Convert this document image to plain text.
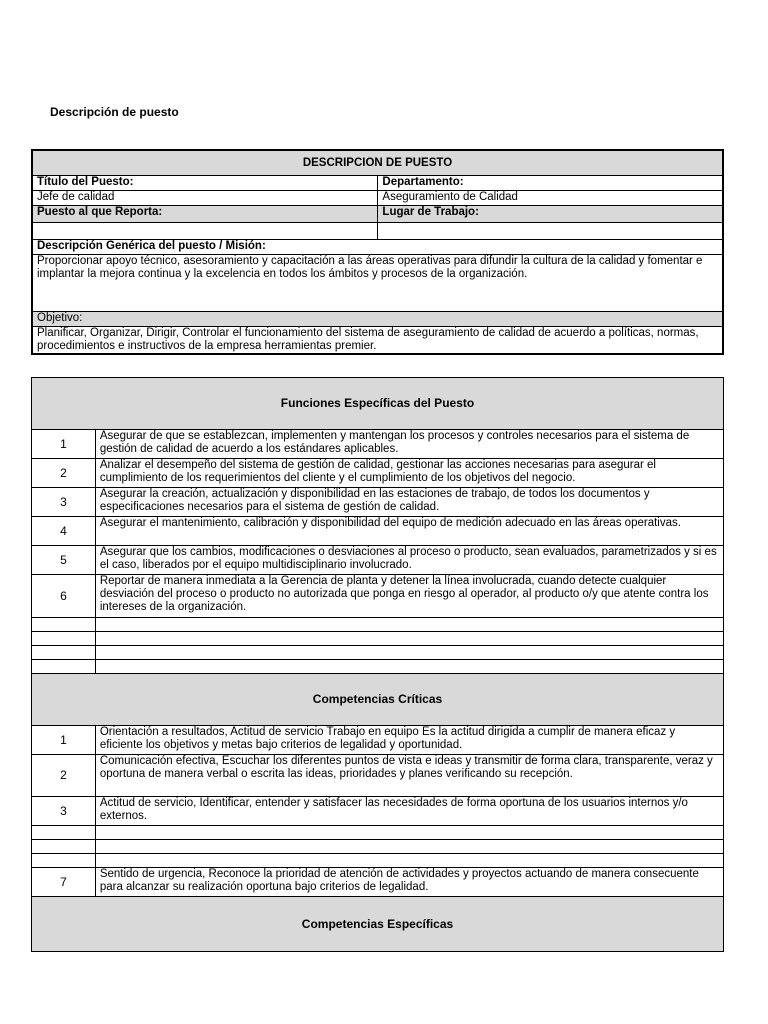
Descripción de puesto
DESCRIPCION DE PUESTO	
Título del Puesto:	Departamento:
Jefe de calidad	Aseguramiento de Calidad
Puesto al que Reporta:	Lugar de Trabajo:

Descripción Genérica del puesto / Misión:	
Proporcionar apoyo técnico, asesoramiento y capacitación a las áreas operativas para difundir la cultura de la calidad y fomentar e implantar la mejora continua y la excelencia en todos los ámbitos y procesos de la organización.	
Objetivo:	
Planificar, Organizar, Dirigir, Controlar el funcionamiento del sistema de aseguramiento de calidad de acuerdo a políticas, normas, procedimientos e instructivos de la empresa herramientas premier.	
Funciones Específicas del Puesto	
1	Asegurar de que se establezcan, implementen y mantengan los procesos y controles necesarios para el sistema de gestión de calidad de acuerdo a los estándares aplicables.
2	Analizar el desempeño del sistema de gestión de calidad, gestionar las acciones necesarias para asegurar el cumplimiento de los requerimientos del cliente y el cumplimiento de los objetivos del negocio.
3	Asegurar la creación, actualización y disponibilidad en las estaciones de trabajo, de todos los documentos y especificaciones necesarios para el sistema de gestión de calidad.
4	Asegurar el mantenimiento, calibración y disponibilidad del equipo de medición adecuado en las áreas operativas.
5	Asegurar que los cambios, modificaciones o desviaciones al proceso o producto, sean evaluados, parametrizados y si es el caso, liberados por el equipo multidisciplinario involucrado.
6	Reportar de manera inmediata a la Gerencia de planta y detener la línea involucrada, cuando detecte cualquier desviación del proceso o producto no autorizada que ponga en riesgo al operador, al producto o/y que atente contra los intereses de la organización.

Competencias Críticas	
1	Orientación a resultados, Actitud de servicio Trabajo en equipo Es la actitud dirigida a cumplir de manera eficaz y eficiente los objetivos y metas bajo criterios de legalidad y oportunidad.
2	Comunicación efectiva, Escuchar los diferentes puntos de vista e ideas y transmitir de forma clara, transparente, veraz y oportuna de manera verbal o escrita las ideas, prioridades y planes verificando su recepción.
3	Actitud de servicio, Identificar, entender y satisfacer las necesidades de forma oportuna de los usuarios internos y/o externos.

7	Sentido de urgencia, Reconoce la prioridad de atención de actividades y proyectos actuando de manera consecuente para alcanzar su realización oportuna bajo criterios de legalidad.
Competencias Específicas	
